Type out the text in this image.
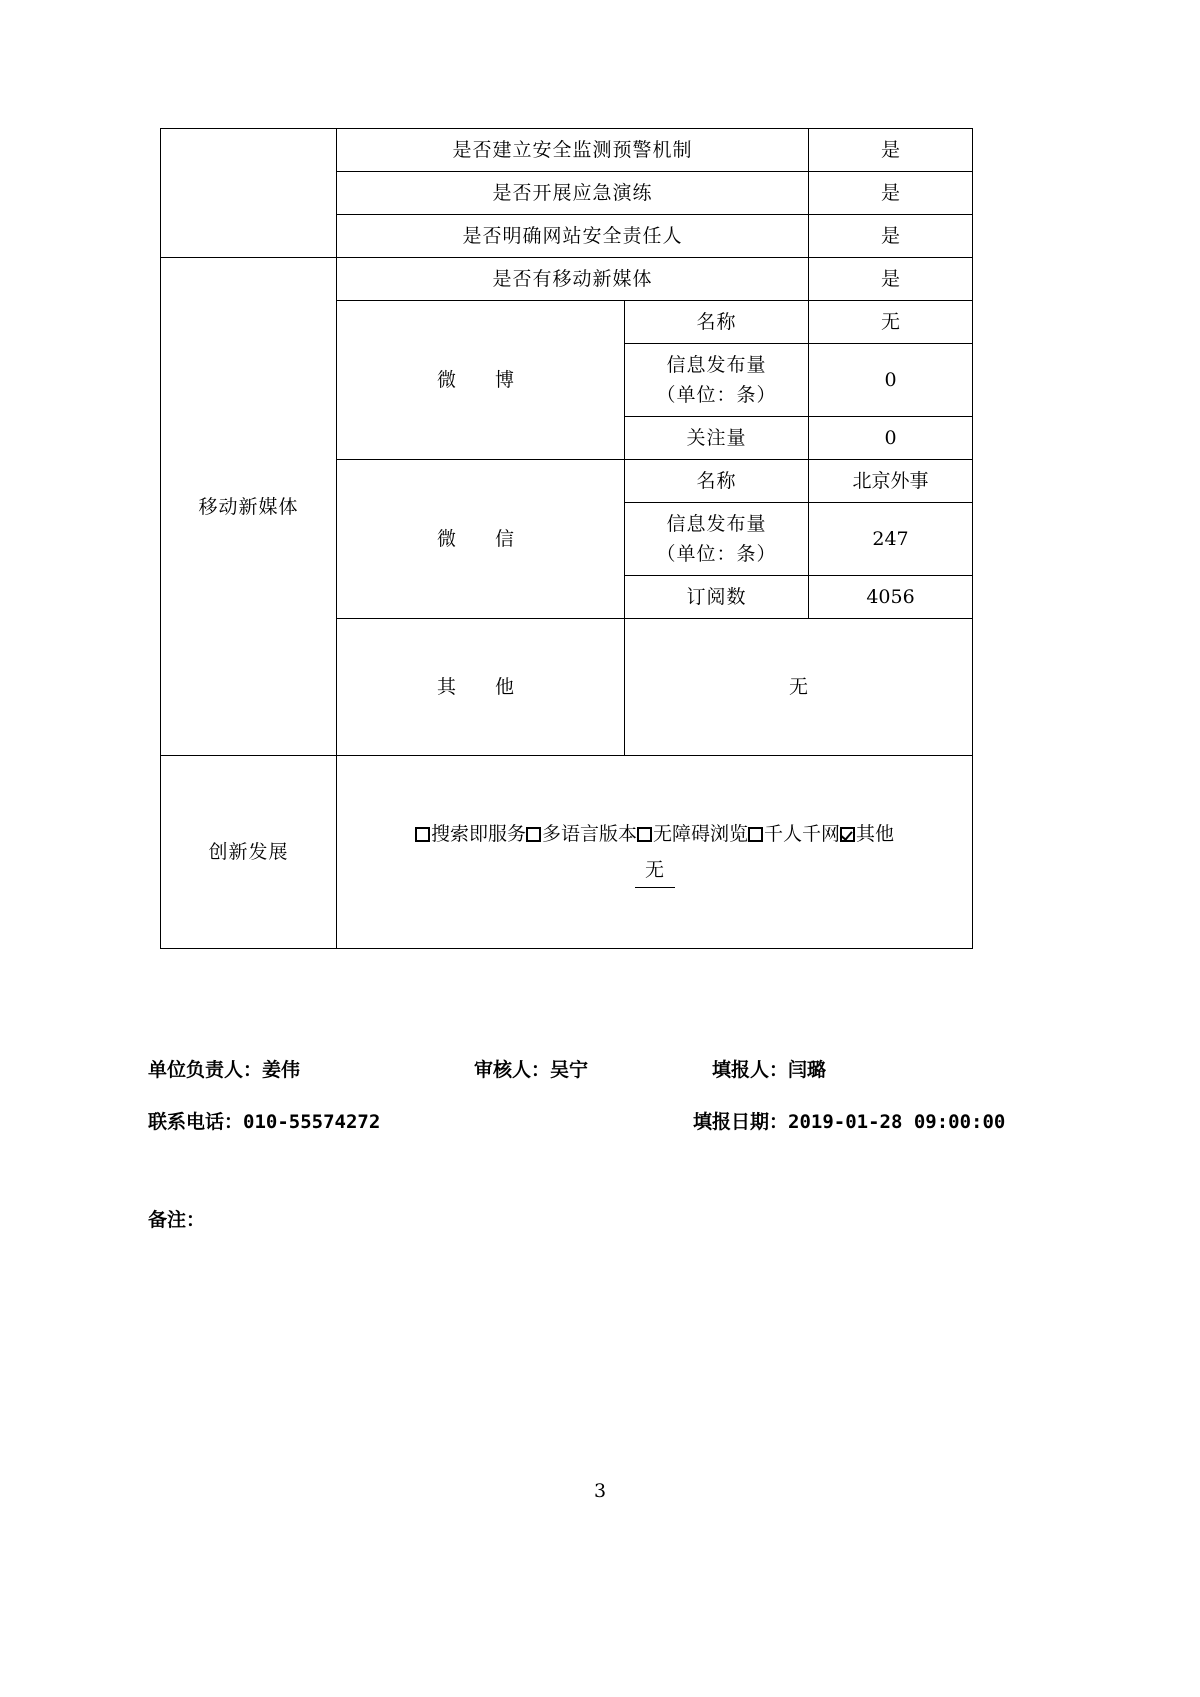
	是否建立安全监测预警机制		是
	是否开展应急演练		是
	是否明确网站安全责任人		是
移动新媒体	是否有移动新媒体		是
	微　博	名称	无

		信息发布量
（单位：条）	0
		关注量	0
	微　信	名称	北京外事

		信息发布量
（单位：条）	247
		订阅数	4056
	其　他	无	
创新发展	搜索即服务 多语言版本 无障碍浏览 千人千网 其他
无		
单位负责人：姜伟	审核人：吴宁	填报人：闫璐
联系电话：010-55574272	填报日期：2019-01-28 09:00:00
备注：
3
